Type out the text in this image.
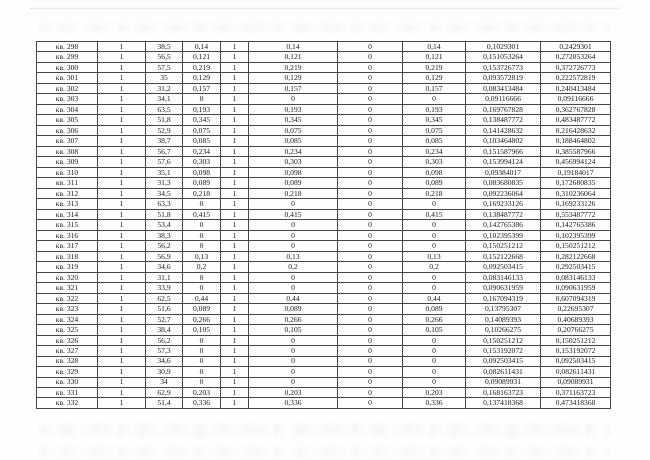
кв. 298	1	38,5	0,14	1	0,14	0	0,14	0,1029301	0,2429301
кв. 299	1	56,5	0,121	1	0,121	0	0,121	0,151053264	0,272053264
кв. 300	1	57,5	0,219	1	0,219	0	0,219	0,153726773	0,372726773
кв. 301	1	35	0,129	1	0,129	0	0,129	0,093572819	0,222572819
кв. 302	1	31,2	0,157	1	0,157	0	0,157	0,083413484	0,240413484
кв. 303	1	34,1	0	1	0	0	0	0,09116666	0,09116666
кв. 304	1	63,5	0,193	1	0,193	0	0,193	0,169767828	0,362767828
кв. 305	1	51,8	0,345	1	0,345	0	0,345	0,138487772	0,483487772
кв. 306	1	52,9	0,075	1	0,075	0	0,075	0,141428632	0,216428632
кв. 307	1	38,7	0,085	1	0,085	0	0,085	0,103464802	0,188464802
кв. 308	1	56,7	0,234	1	0,234	0	0,234	0,151587966	0,385587966
кв. 309	1	57,6	0,303	1	0,303	0	0,303	0,153994124	0,456994124
кв. 310	1	35,1	0,098	1	0,098	0	0,098	0,09384017	0,19184017
кв. 311	1	31,3	0,089	1	0,089	0	0,089	0,083680835	0,172680835
кв. 312	1	34,5	0,218	1	0,218	0	0,218	0,092236064	0,310236064
кв. 313	1	63,3	0	1	0	0	0	0,169233126	0,169233126
кв. 314	1	51,8	0,415	1	0,415	0	0,415	0,138487772	0,553487772
кв. 315	1	53,4	0	1	0	0	0	0,142765386	0,142765386
кв. 316	1	38,3	0	1	0	0	0	0,102395399	0,102395399
кв. 317	1	56,2	0	1	0	0	0	0,150251212	0,150251212
кв. 318	1	56,9	0,13	1	0,13	0	0,13	0,152122668	0,282122668
кв. 319	1	34,6	0,2	1	0,2	0	0,2	0,092503415	0,292503415
кв. 320	1	31,1	0	1	0	0	0	0,083146133	0,083146133
кв. 321	1	33,9	0	1	0	0	0	0,090631959	0,090631959
кв. 322	1	62,5	0,44	1	0,44	0	0,44	0,167094319	0,607094319
кв. 323	1	51,6	0,089	1	0,089	0	0,089	0,13795307	0,22695307
кв. 324	1	52,7	0,266	1	0,266	0	0,266	0,14089393	0,40689393
кв. 325	1	38,4	0,105	1	0,105	0	0,105	0,10266275	0,20766275
кв. 326	1	56,2	0	1	0	0	0	0,150251212	0,150251212
кв. 327	1	57,3	0	1	0	0	0	0,153192072	0,153192072
кв. 328	1	34,6	0	1	0	0	0	0,092503415	0,092503415
кв. 329	1	30,9	0	1	0	0	0	0,082611431	0,082611431
кв. 330	1	34	0	1	0	0	0	0,09089931	0,09089931
кв. 331	1	62,9	0,203	1	0,203	0	0,203	0,168163723	0,371163723
кв. 332	1	51,4	0,336	1	0,336	0	0,336	0,137418368	0,473418368
